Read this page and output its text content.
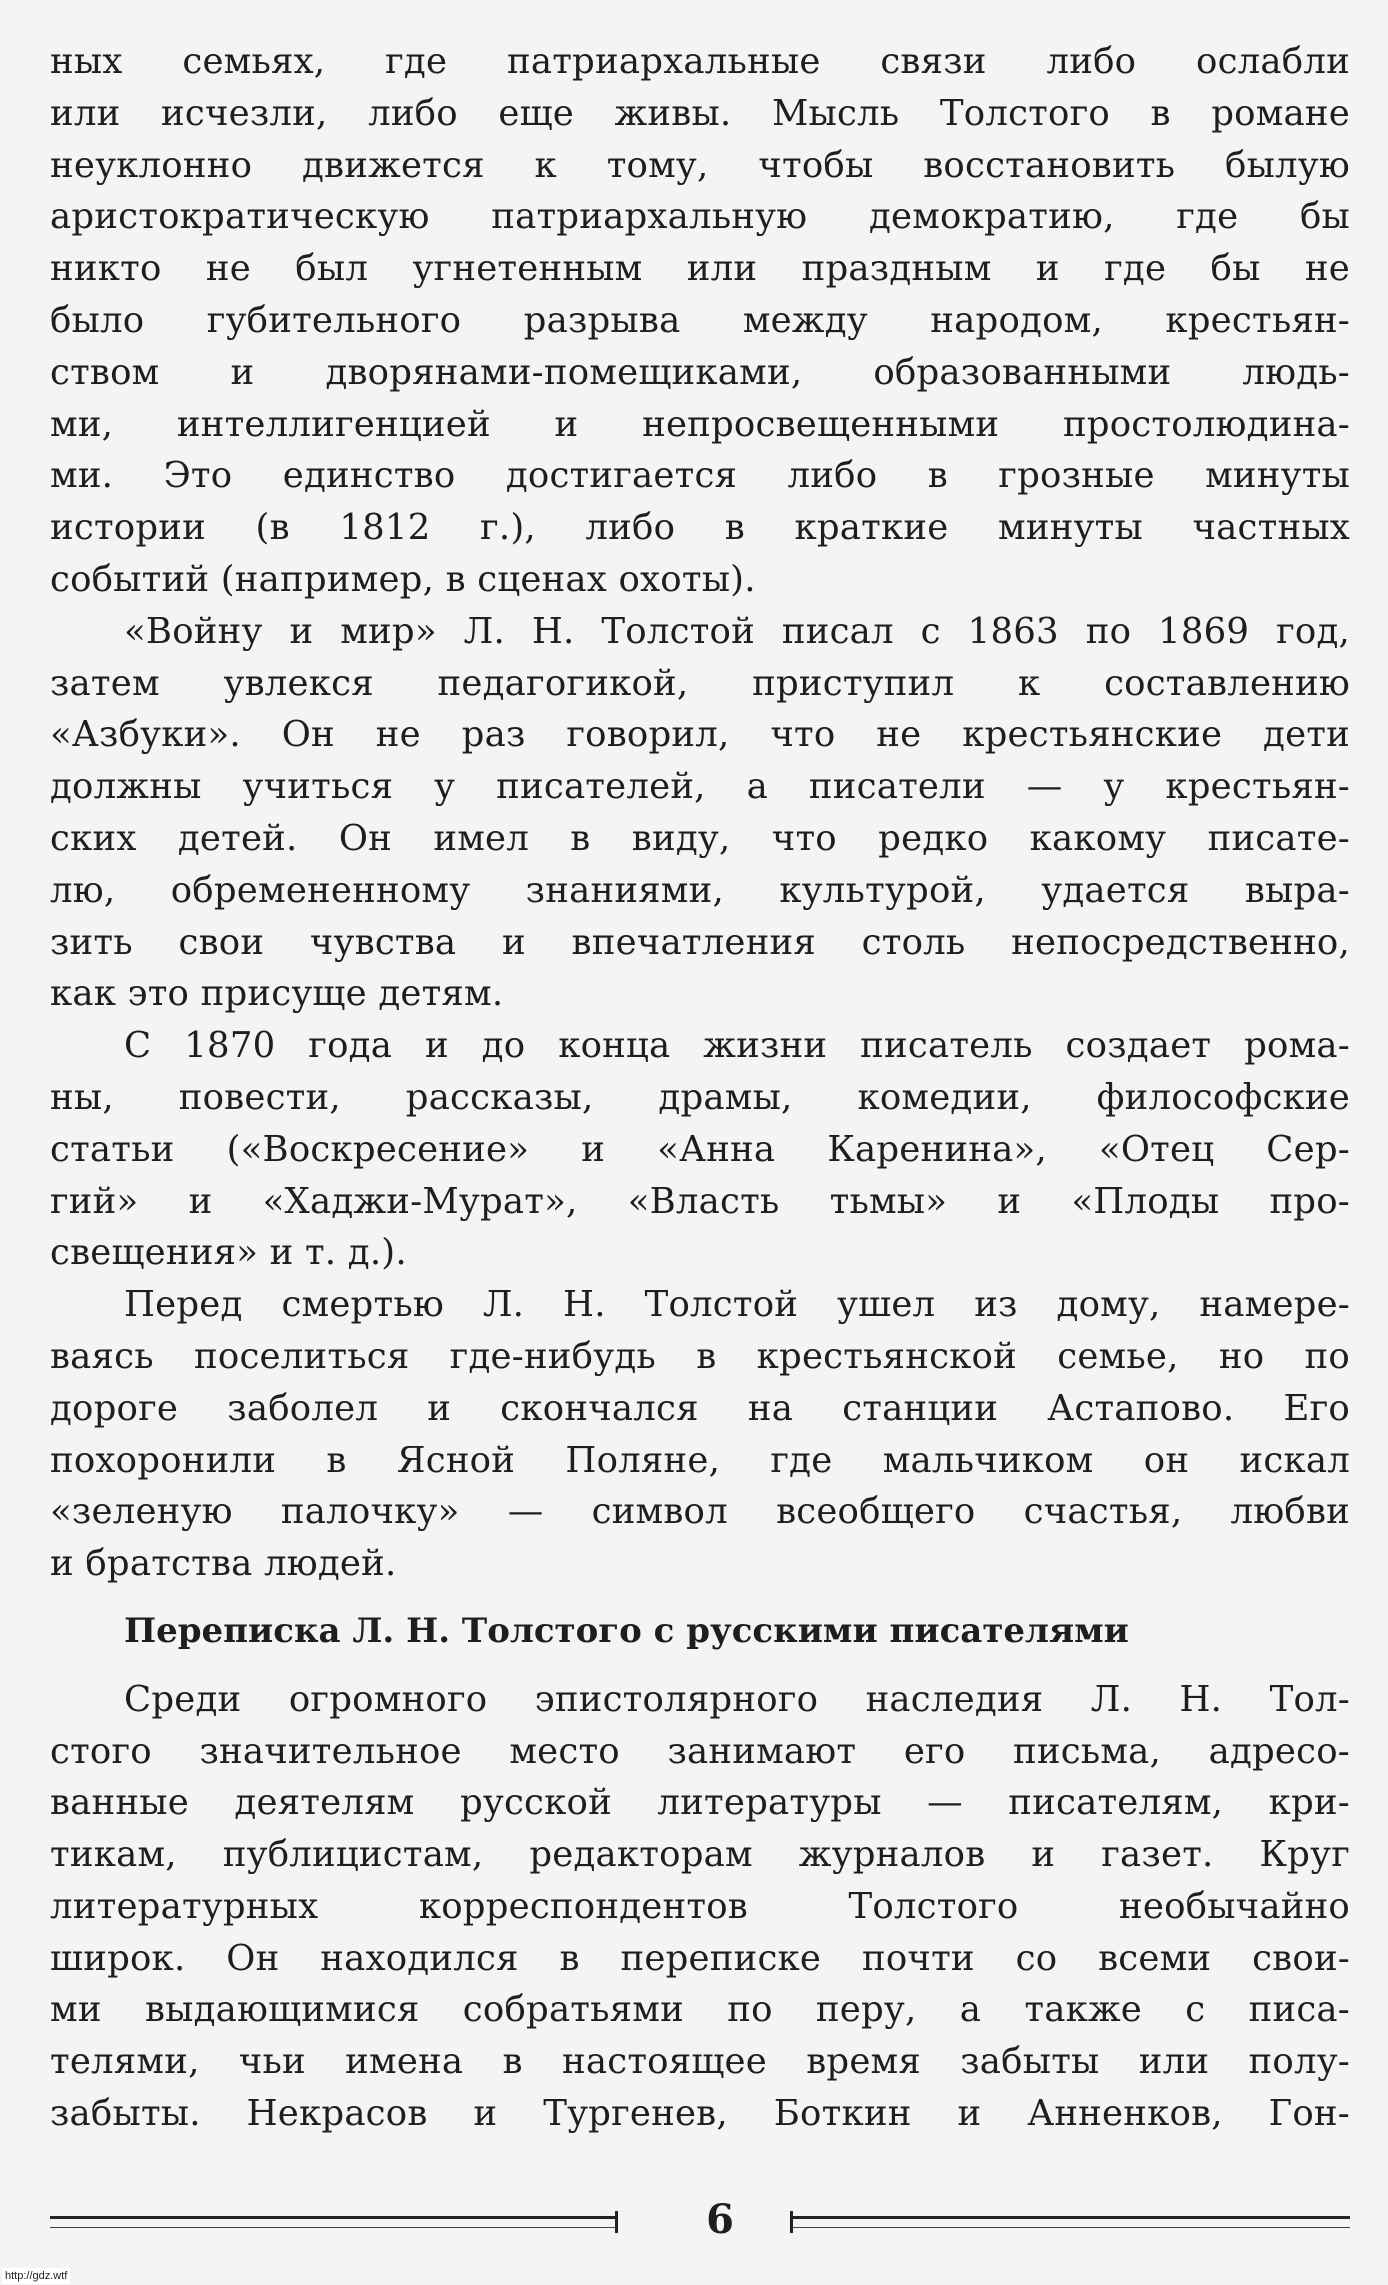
ных семьях, где патриархальные связи либо ослабли
или исчезли, либо еще живы. Мысль Толстого в романе
неуклонно движется к тому, чтобы восстановить былую
аристократическую патриархальную демократию, где бы
никто не был угнетенным или праздным и где бы не
было губительного разрыва между народом, крестьян-
ством и дворянами-помещиками, образованными людь-
ми, интеллигенцией и непросвещенными простолюдина-
ми. Это единство достигается либо в грозные минуты
истории (в 1812 г.), либо в краткие минуты частных
событий (например, в сценах охоты).
«Войну и мир» Л. Н. Толстой писал с 1863 по 1869 год,
затем увлекся педагогикой, приступил к составлению
«Азбуки». Он не раз говорил, что не крестьянские дети
должны учиться у писателей, а писатели — у крестьян-
ских детей. Он имел в виду, что редко какому писате-
лю, обремененному знаниями, культурой, удается выра-
зить свои чувства и впечатления столь непосредственно,
как это присуще детям.
С 1870 года и до конца жизни писатель создает рома-
ны, повести, рассказы, драмы, комедии, философские
статьи («Воскресение» и «Анна Каренина», «Отец Сер-
гий» и «Хаджи-Мурат», «Власть тьмы» и «Плоды про-
свещения» и т. д.).
Перед смертью Л. Н. Толстой ушел из дому, намере-
ваясь поселиться где-нибудь в крестьянской семье, но по
дороге заболел и скончался на станции Астапово. Его
похоронили в Ясной Поляне, где мальчиком он искал
«зеленую палочку» — символ всеобщего счастья, любви
и братства людей.
Переписка Л. Н. Толстого с русскими писателями
Среди огромного эпистолярного наследия Л. Н. Тол-
стого значительное место занимают его письма, адресо-
ванные деятелям русской литературы — писателям, кри-
тикам, публицистам, редакторам журналов и газет. Круг
литературных корреспондентов Толстого необычайно
широк. Он находился в переписке почти со всеми свои-
ми выдающимися собратьями по перу, а также с писа-
телями, чьи имена в настоящее время забыты или полу-
забыты. Некрасов и Тургенев, Боткин и Анненков, Гон-
6
http://gdz.wtf
